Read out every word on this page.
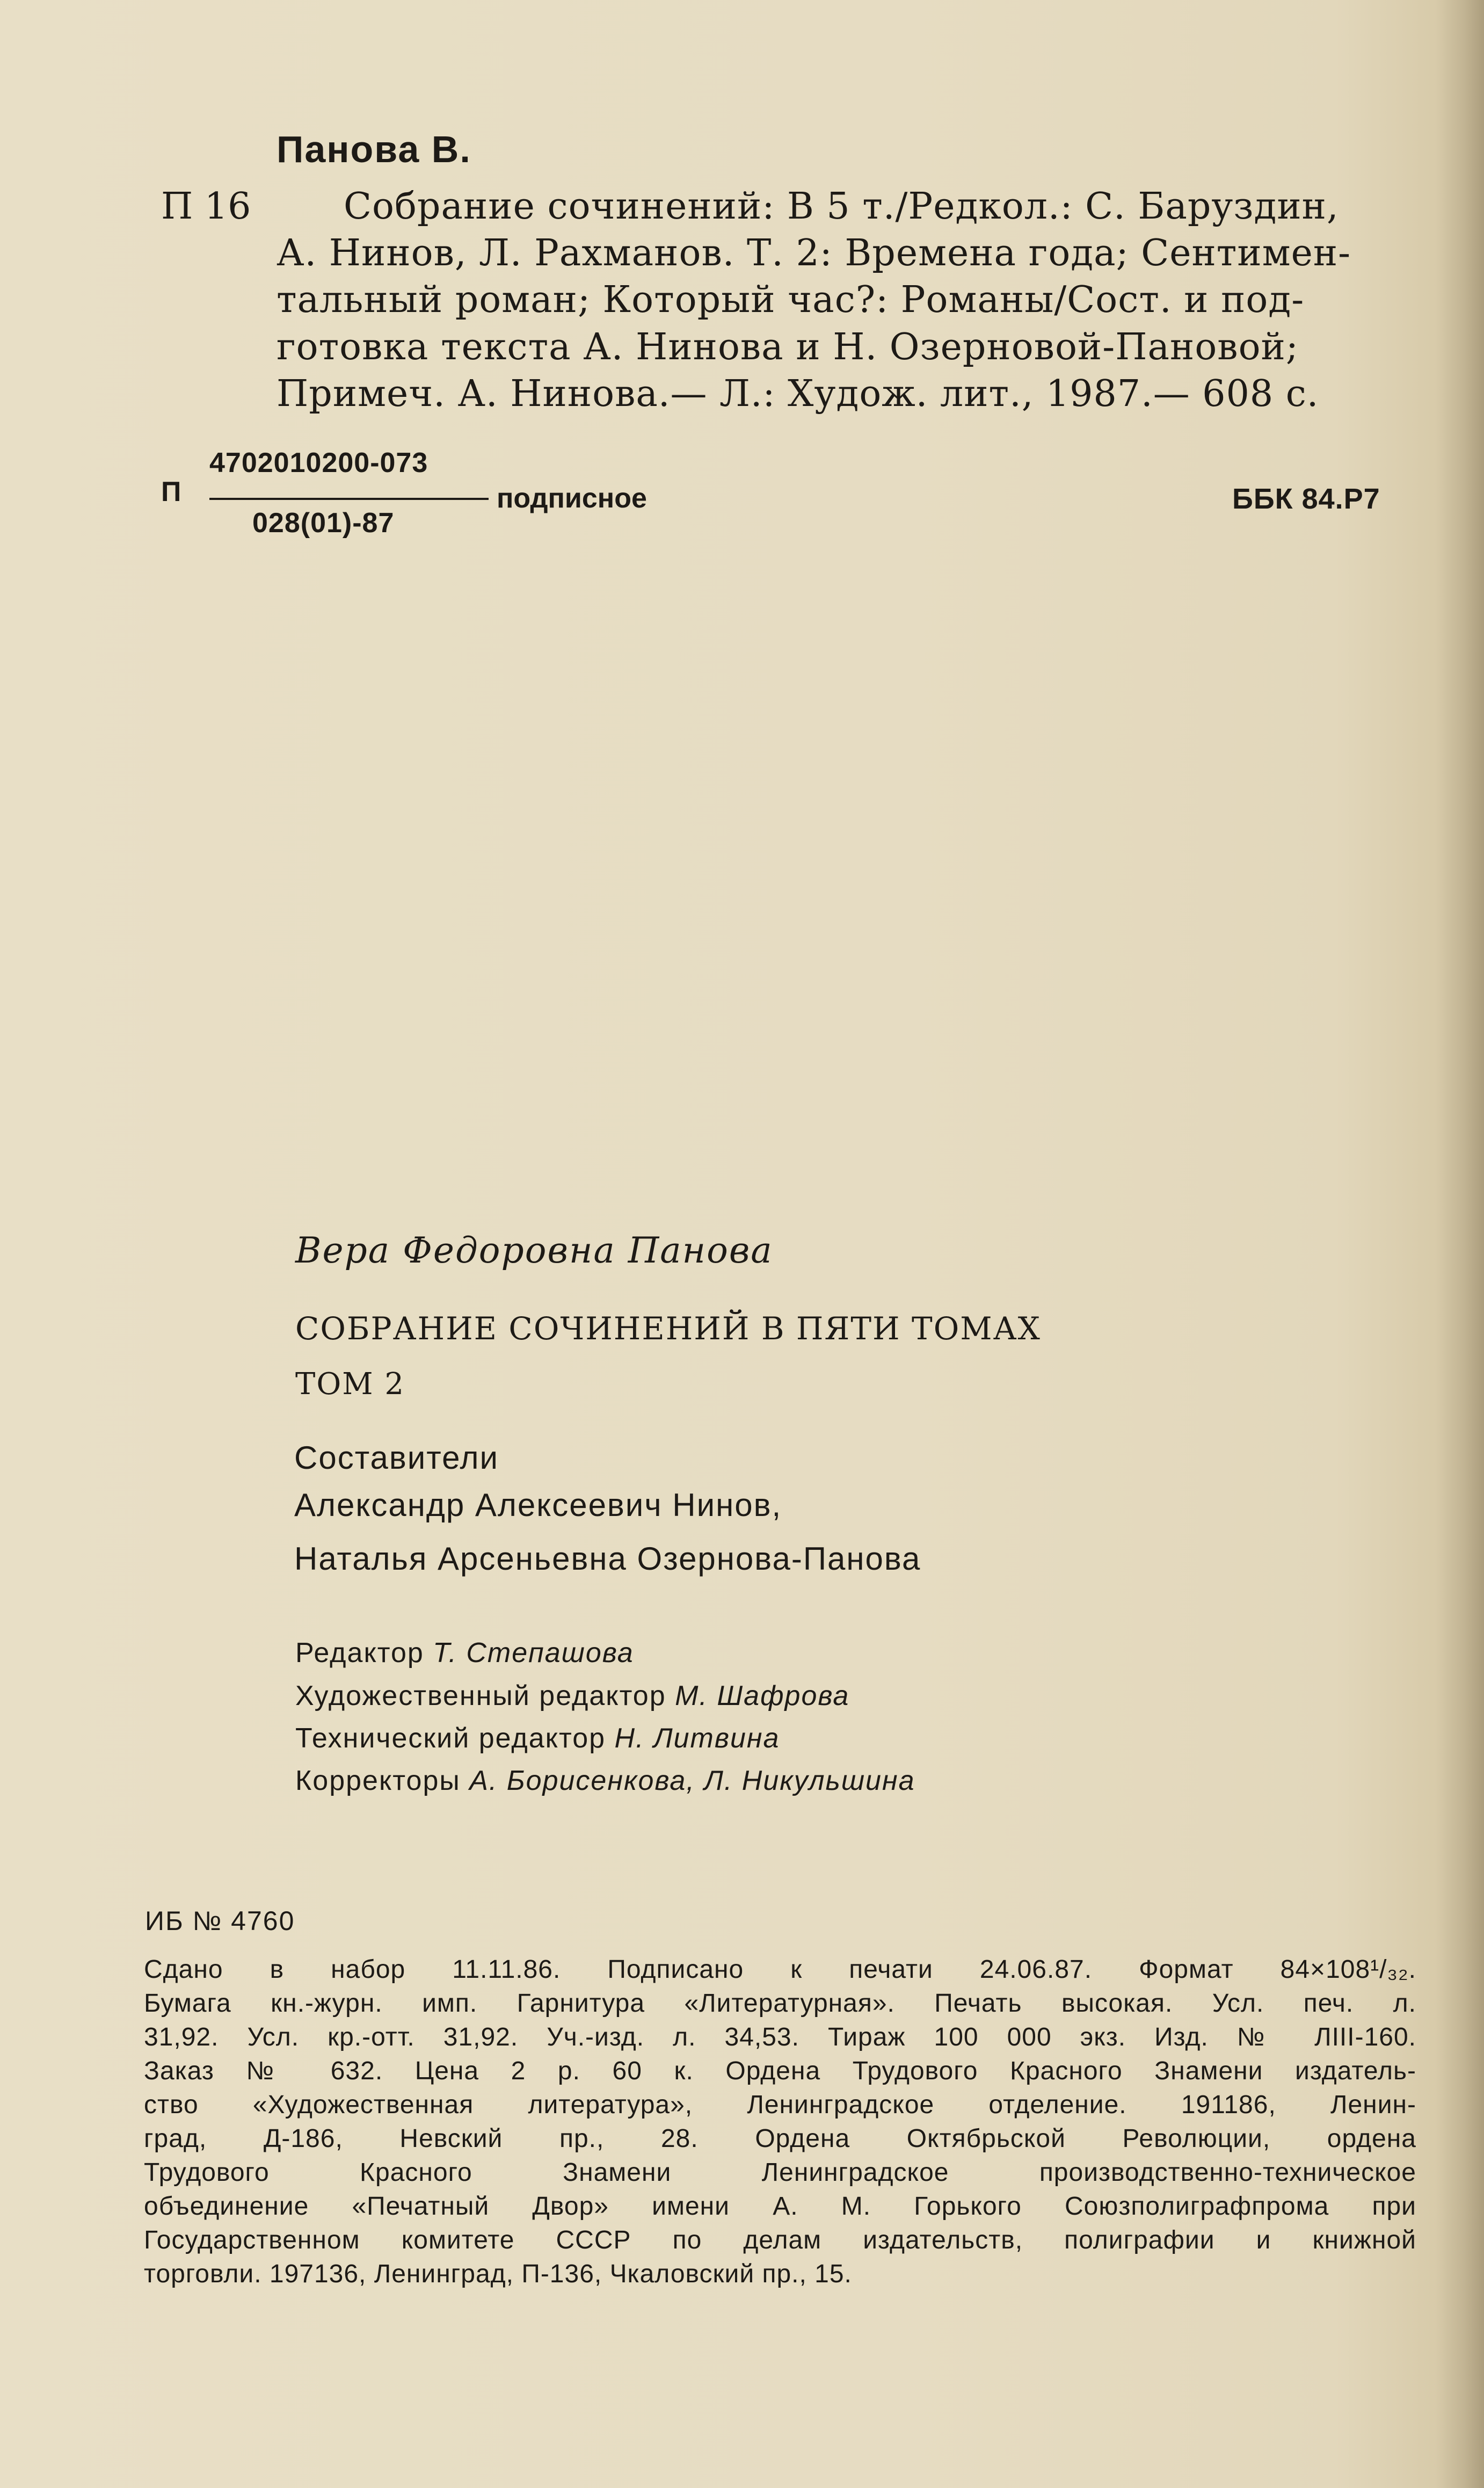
Панова В.
П 16	Собрание сочинений: В 5 т./Редкол.: С. Баруздин,
А. Нинов, Л. Рахманов. Т. 2: Времена года; Сентимен-
тальный роман; Который час?: Романы/Сост. и под-
готовка текста А. Нинова и Н. Озерновой-Пановой;
Примеч. А. Нинова.— Л.: Худож. лит., 1987.— 608 с.
П
4702010200-073
028(01)-87
подписное	ББК 84.Р7
Вера Федоровна Панова
СОБРАНИЕ СОЧИНЕНИЙ В ПЯТИ ТОМАХ
ТОМ 2
Составители
Александр Алексеевич Нинов,
Наталья Арсеньевна Озернова-Панова
Редактор Т. Степашова
Художественный редактор М. Шафрова
Технический редактор Н. Литвина
Корректоры А. Борисенкова, Л. Никульшина
ИБ № 4760
Сдано в набор 11.11.86. Подписано к печати 24.06.87. Формат 84×108¹/₃₂.
Бумага кн.-журн. имп. Гарнитура «Литературная». Печать высокая. Усл. печ. л.
31,92. Усл. кр.-отт. 31,92. Уч.-изд. л. 34,53. Тираж 100 000 экз. Изд. № ЛIII-160.
Заказ № 632. Цена 2 р. 60 к. Ордена Трудового Красного Знамени издатель-
ство «Художественная литература», Ленинградское отделение. 191186, Ленин-
град, Д-186, Невский пр., 28. Ордена Октябрьской Революции, ордена
Трудового Красного Знамени Ленинградское производственно-техническое
объединение «Печатный Двор» имени А. М. Горького Союзполиграфпрома при
Государственном комитете СССР по делам издательств, полиграфии и книжной
торговли. 197136, Ленинград, П-136, Чкаловский пр., 15.
